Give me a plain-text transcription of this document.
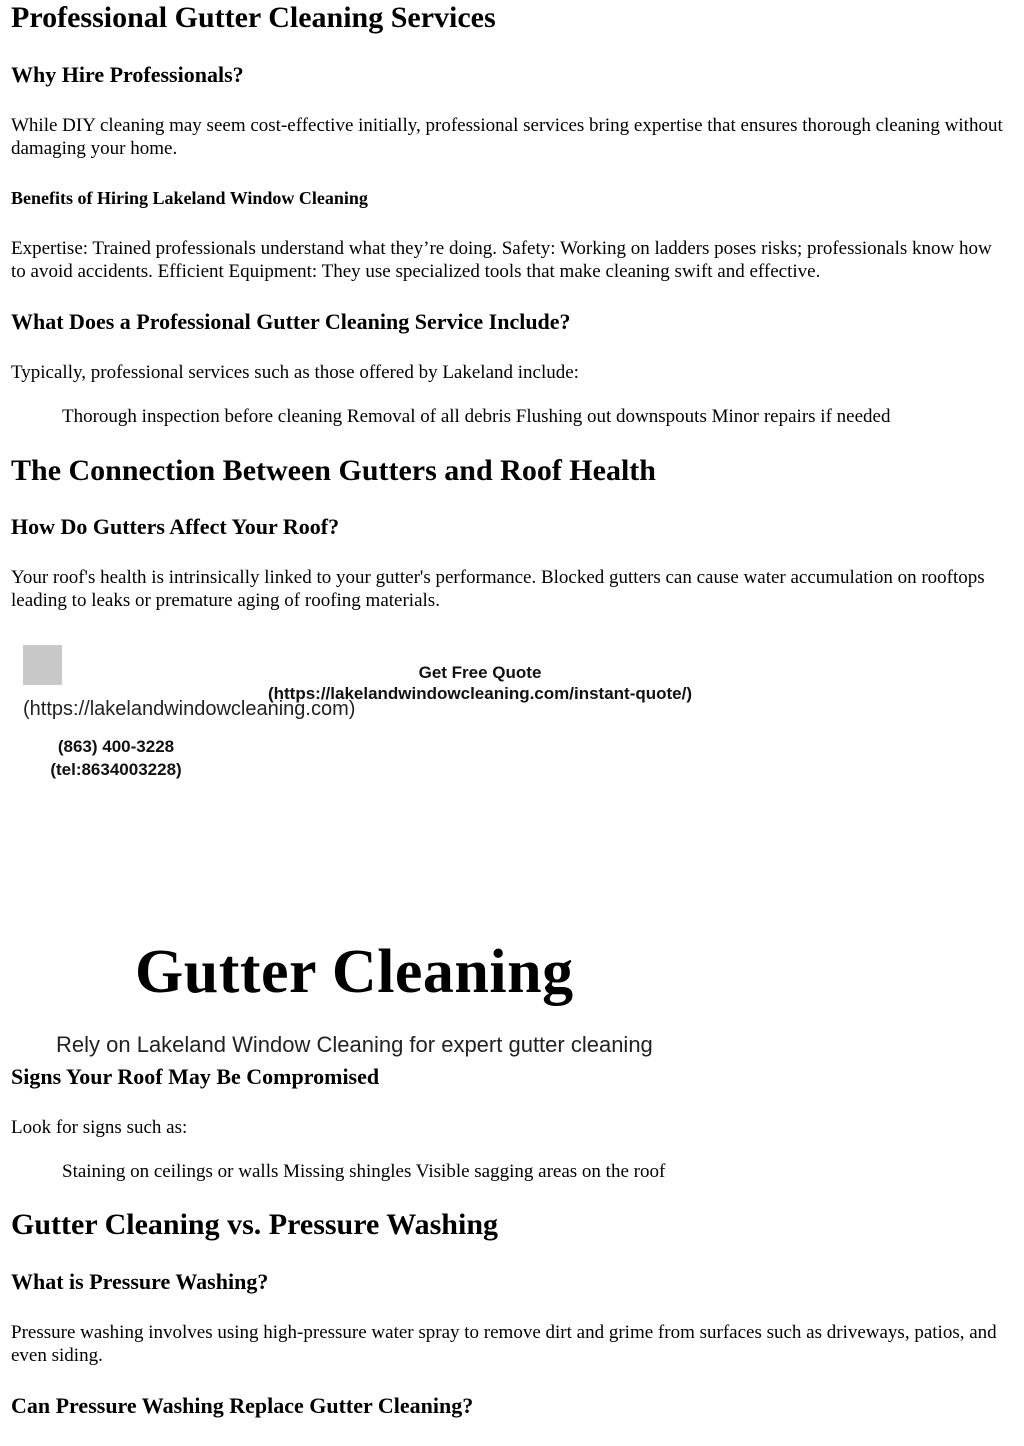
Professional Gutter Cleaning Services
Why Hire Professionals?

While DIY cleaning may seem cost-effective initially, professional services bring expertise that ensures thorough cleaning without damaging your home.

Benefits of Hiring Lakeland Window Cleaning

Expertise: Trained professionals understand what they’re doing. Safety: Working on ladders poses risks; professionals know how to avoid accidents. Efficient Equipment: They use specialized tools that make cleaning swift and effective.

What Does a Professional Gutter Cleaning Service Include?

Typically, professional services such as those offered by Lakeland include:

Thorough inspection before cleaning Removal of all debris Flushing out downspouts Minor repairs if needed
The Connection Between Gutters and Roof Health
How Do Gutters Affect Your Roof?

Your roof's health is intrinsically linked to your gutter's performance. Blocked gutters can cause water accumulation on rooftops leading to leaks or premature aging of roofing materials.

(https://lakelandwindowcleaning.com)
Get Free Quote
(https://lakelandwindowcleaning.com/instant-quote/)
(863) 400-3228
(tel:8634003228)
Gutter Cleaning
Rely on Lakeland Window Cleaning for expert gutter cleaning
Signs Your Roof May Be Compromised

Look for signs such as:

Staining on ceilings or walls Missing shingles Visible sagging areas on the roof
Gutter Cleaning vs. Pressure Washing
What is Pressure Washing?

Pressure washing involves using high-pressure water spray to remove dirt and grime from surfaces such as driveways, patios, and even siding.

Can Pressure Washing Replace Gutter Cleaning?
